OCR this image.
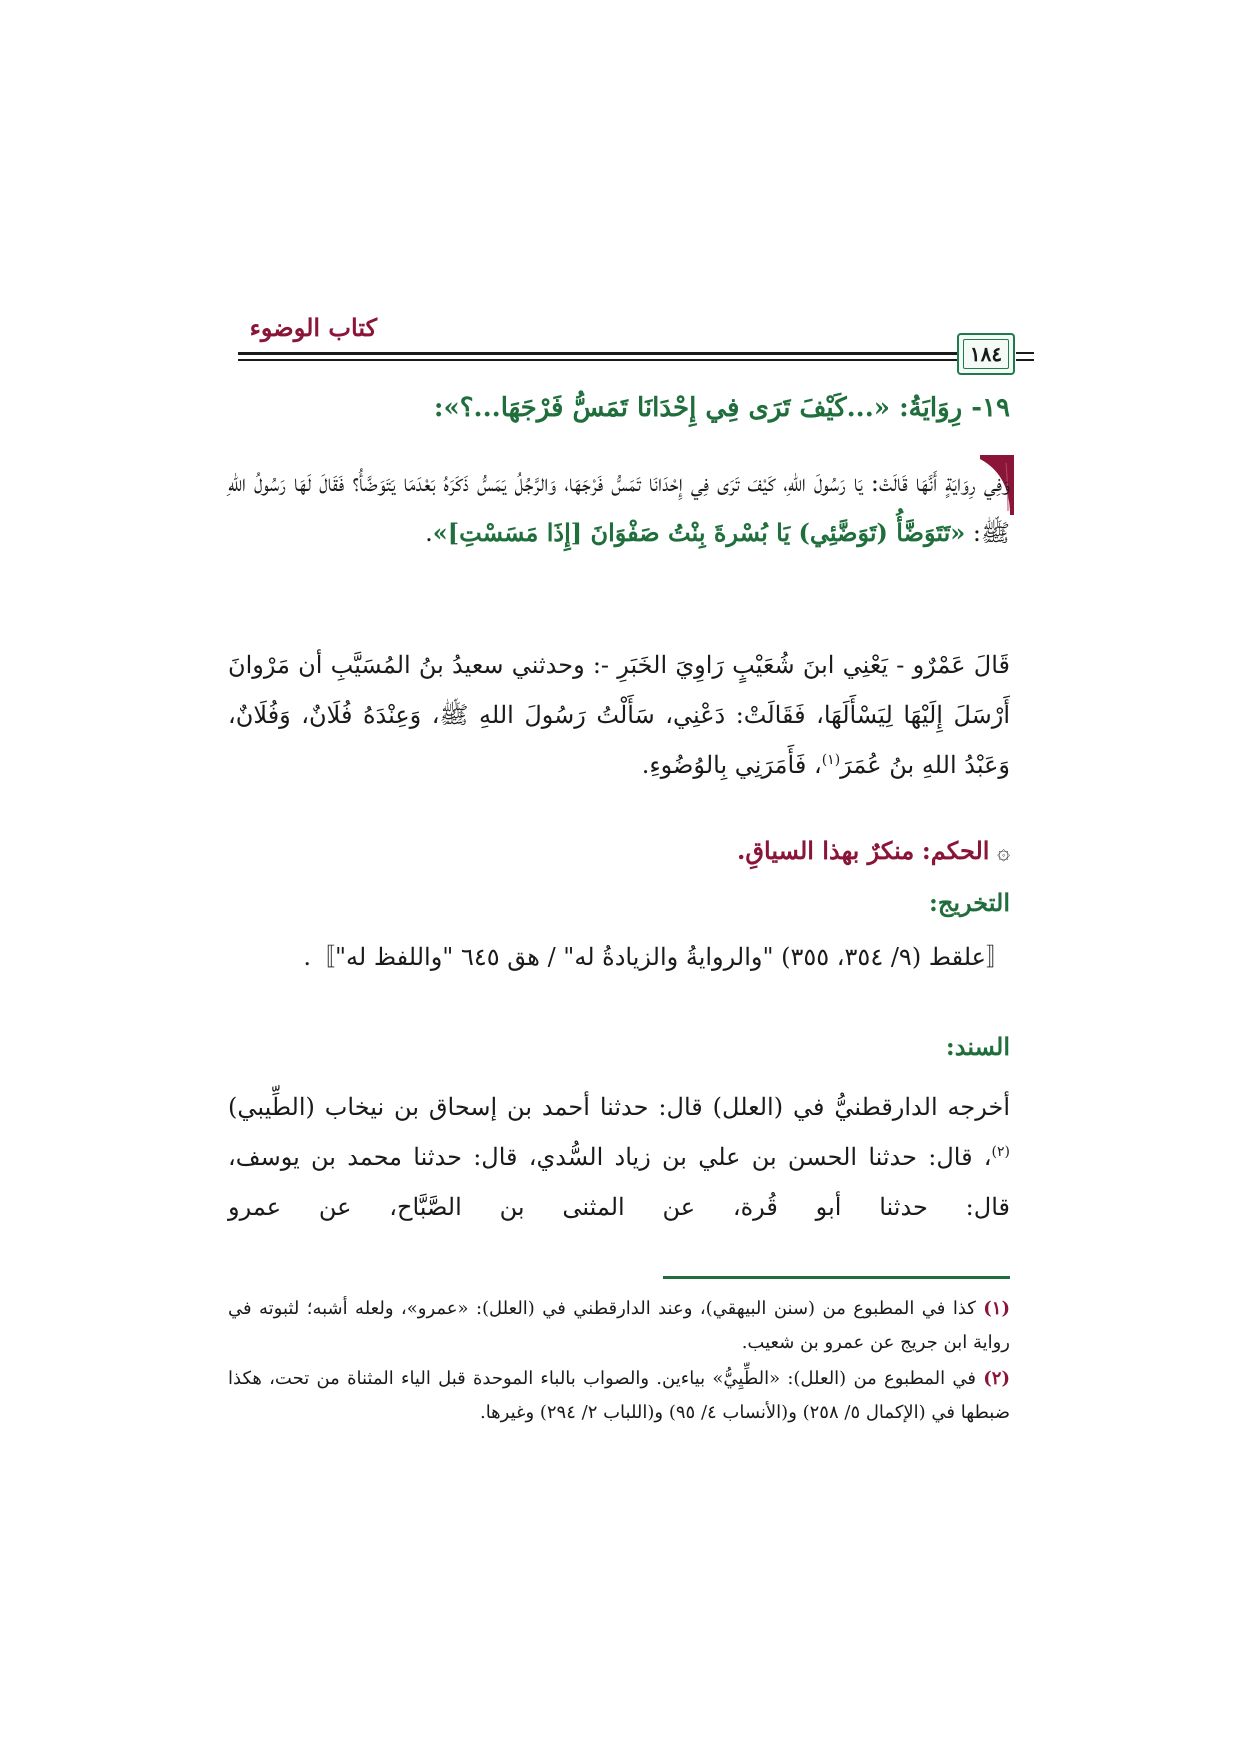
كتاب الوضوء
١٨٤
١٩- رِوَايَةُ: «...كَيْفَ تَرَى فِي إِحْدَانَا تَمَسُّ فَرْجَهَا...؟»:
وَفِي رِوَايَةٍ أَنَّهَا قَالَتْ: يَا رَسُولَ اللهِ، كَيْفَ تَرَى فِي إِحْدَانَا تَمَسُّ فَرْجَهَا، وَالرَّجُلُ يَمَسُّ ذَكَرَهُ بَعْدَمَا يَتَوَضَّأُ؟ فَقَالَ لَهَا رَسُولُ اللهِ ﷺ: «تَتَوَضَّأُ (تَوَضَّئِي) يَا بُسْرةَ بِنْتُ صَفْوَانَ [إِذَا مَسَسْتِ]».
قَالَ عَمْرٌو - يَعْنِي ابنَ شُعَيْبٍ رَاوِيَ الخَبَرِ -: وحدثني سعيدُ بنُ المُسَيَّبِ أن مَرْوانَ أَرْسَلَ إِلَيْهَا لِيَسْأَلَهَا، فَقَالَتْ: دَعْنِي، سَأَلْتُ رَسُولَ اللهِ ﷺ، وَعِنْدَهُ فُلَانٌ، وَفُلَانٌ، وَعَبْدُ اللهِ بنُ عُمَرَ$^{(١)}$، فَأَمَرَنِي بِالوُضُوءِ.
۞ الحكم: منكرٌ بهذا السياقِ.
التخريج:
〚علقط (٩/ ٣٥٤، ٣٥٥) "والروايةُ والزيادةُ له" / هق ٦٤٥ "واللفظ له"〛.
السند:
أخرجه الدارقطنيُّ في (العلل) قال: حدثنا أحمد بن إسحاق بن نيخاب (الطِّيبي)$^{(٢)}$، قال: حدثنا الحسن بن علي بن زياد السُّدي، قال: حدثنا محمد بن يوسف، قال: حدثنا أبو قُرة، عن المثنى بن الصَّبَّاح، عن عمرو
(١) كذا في المطبوع من (سنن البيهقي)، وعند الدارقطني في (العلل): «عمرو»، ولعله أشبه؛ لثبوته في رواية ابن جريج عن عمرو بن شعيب.
(٢) في المطبوع من (العلل): «الطِّيِيُّ» بياءين. والصواب بالباء الموحدة قبل الياء المثناة من تحت، هكذا ضبطها في (الإكمال ٥/ ٢٥٨) و(الأنساب ٤/ ٩٥) و(اللباب ٢/ ٢٩٤) وغيرها.
